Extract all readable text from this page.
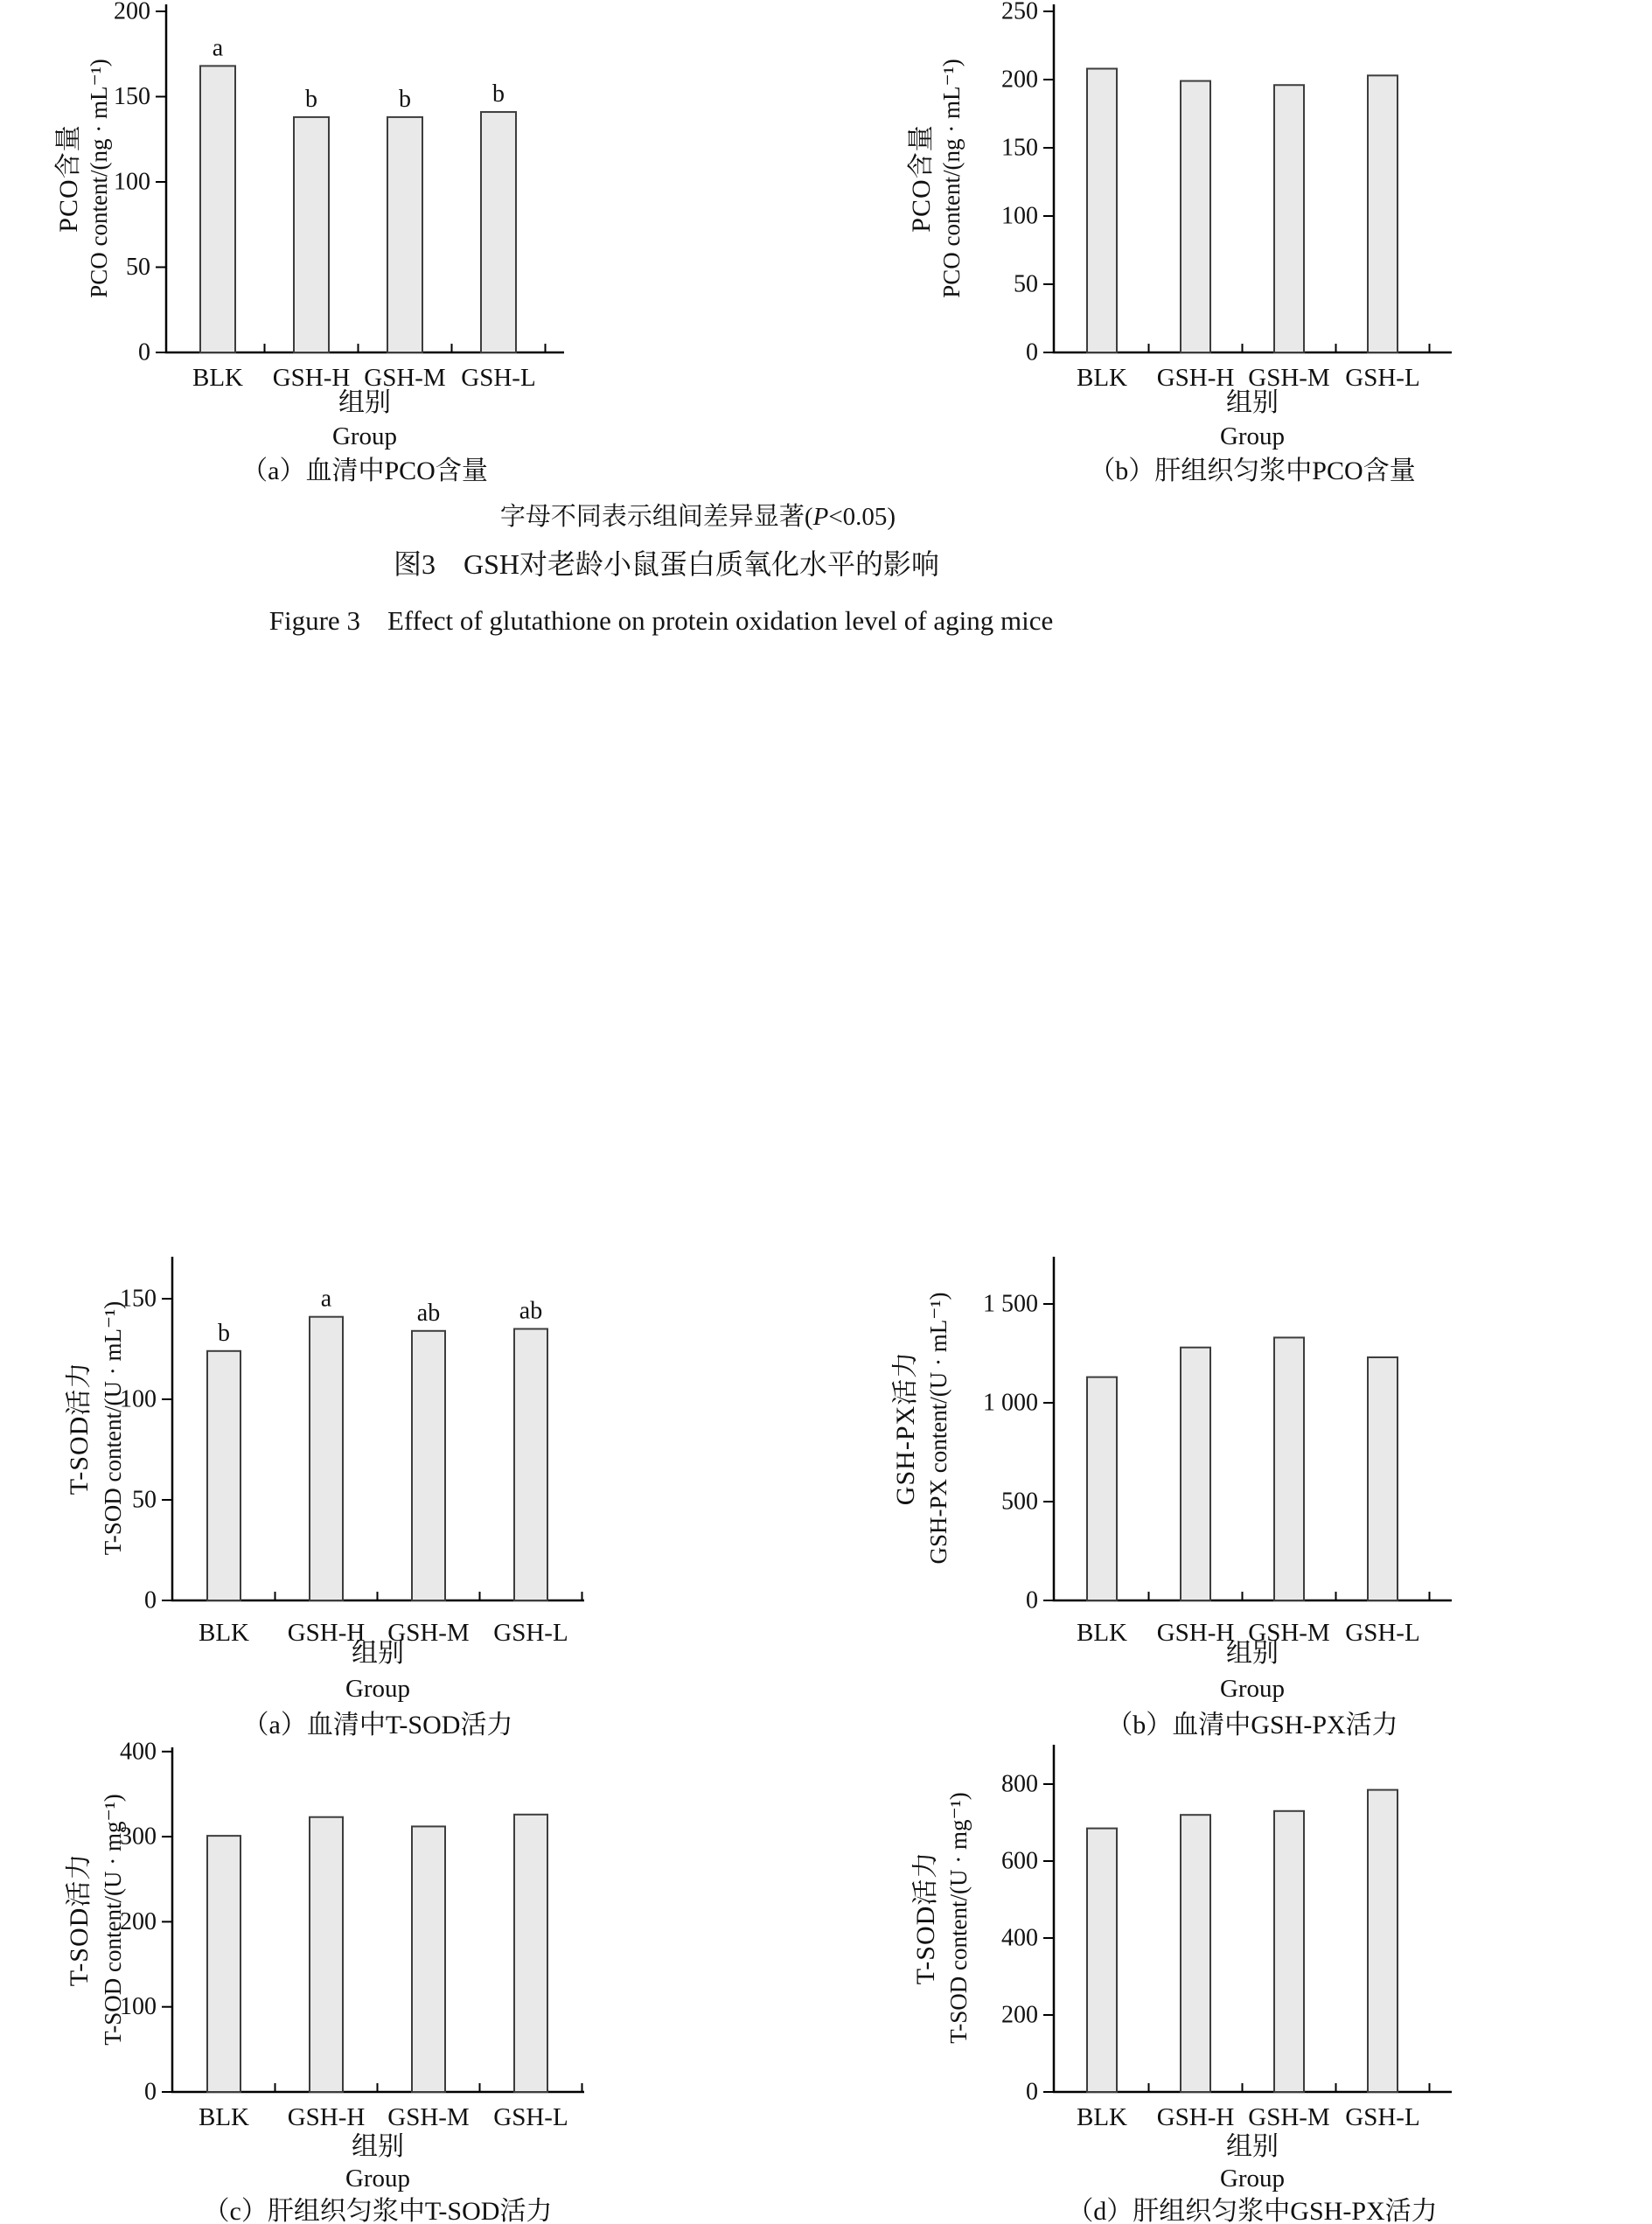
0
50
100
150
200
a
BLK
b
GSH-H
b
GSH-M
b
GSH-L
组别
Group
（a）血清中PCO含量
PCO含量 PCO content/(ng · mL⁻¹)
0
50
100
150
200
250
BLK GSH-H GSH-M GSH-L
组别
Group
（b）肝组织匀浆中PCO含量
PCO含量 PCO content/(ng · mL⁻¹)
0
50
100
150
b
BLK
a
GSH-H
ab
GSH-M
ab
GSH-L
组别
Group
（a）血清中T-SOD活力
T-SOD活力 T-SOD content/(U · mL⁻¹)
0
500
1 000
1 500
BLK GSH-H GSH-M GSH-L
组别
Group
（b）血清中GSH-PX活力
GSH-PX活力 GSH-PX content/(U · mL⁻¹)
0
100
200
300
400
BLK GSH-H GSH-M GSH-L
组别
Group
（c）肝组织匀浆中T-SOD活力
T-SOD活力 T-SOD content/(U · mg⁻¹)
0
200
400
600
800
BLK GSH-H GSH-M GSH-L
组别
Group
（d）肝组织匀浆中GSH-PX活力
T-SOD活力 T-SOD content/(U · mg⁻¹)
字母不同表示组间差异显著(P<0.05)
图3　GSH对老龄小鼠蛋白质氧化水平的影响
Figure 3　Effect of glutathione on protein oxidation level of aging mice
